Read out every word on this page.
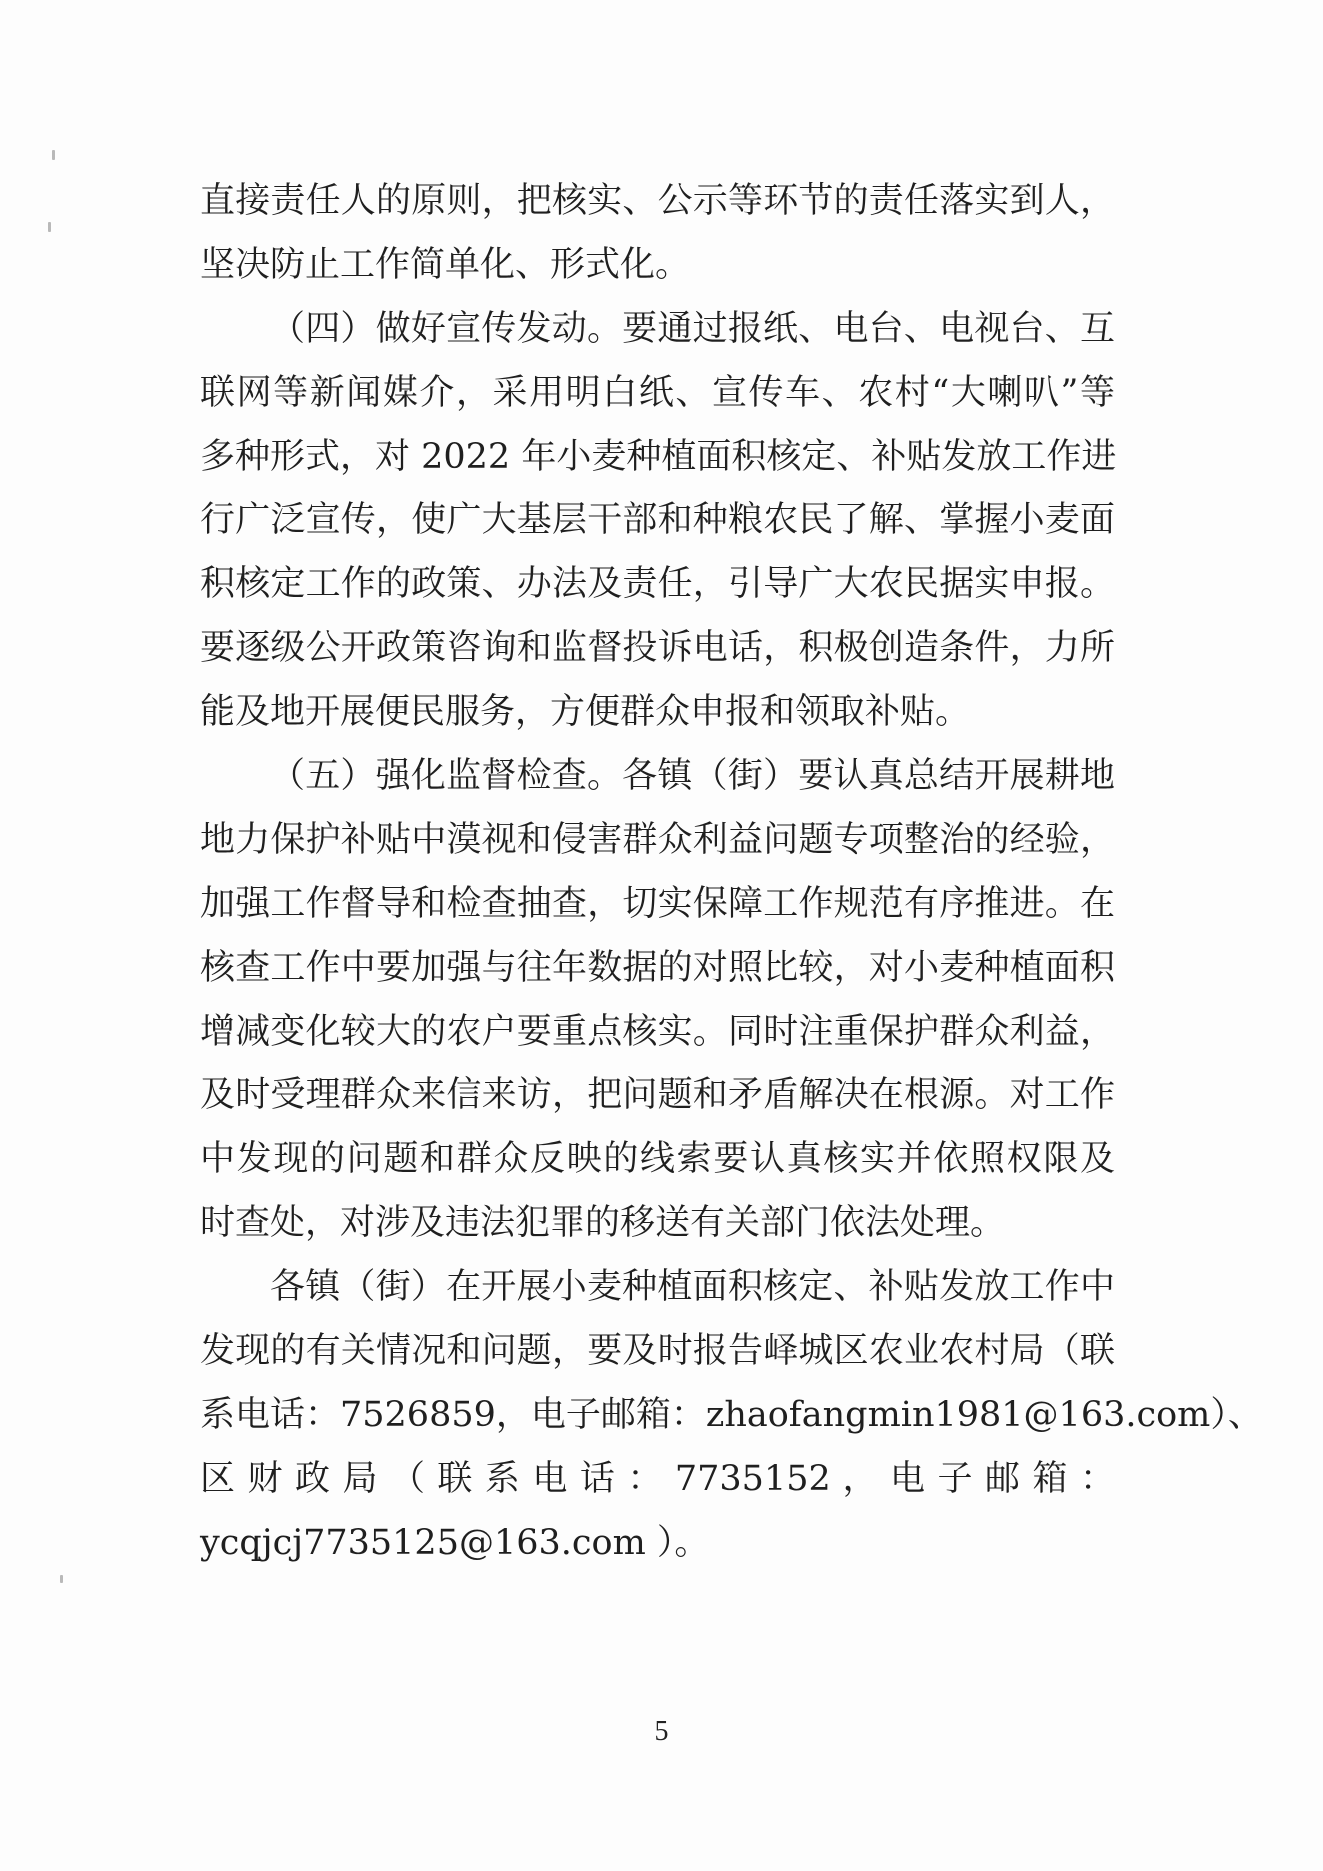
直接责任人的原则，把核实、公示等环节的责任落实到人，
坚决防止工作简单化、形式化。
（四）做好宣传发动。要通过报纸、电台、电视台、互
联网等新闻媒介，采用明白纸、宣传车、农村“大喇叭”等
多种形式，对 2022 年小麦种植面积核定、补贴发放工作进
行广泛宣传，使广大基层干部和种粮农民了解、掌握小麦面
积核定工作的政策、办法及责任，引导广大农民据实申报。
要逐级公开政策咨询和监督投诉电话，积极创造条件，力所
能及地开展便民服务，方便群众申报和领取补贴。
（五）强化监督检查。各镇（街）要认真总结开展耕地
地力保护补贴中漠视和侵害群众利益问题专项整治的经验，
加强工作督导和检查抽查，切实保障工作规范有序推进。在
核查工作中要加强与往年数据的对照比较，对小麦种植面积
增减变化较大的农户要重点核实。同时注重保护群众利益，
及时受理群众来信来访，把问题和矛盾解决在根源。对工作
中发现的问题和群众反映的线索要认真核实并依照权限及
时查处，对涉及违法犯罪的移送有关部门依法处理。
各镇（街）在开展小麦种植面积核定、补贴发放工作中
发现的有关情况和问题，要及时报告峄城区农业农村局（联
系电话：7526859，电子邮箱：zhaofangmin1981@163.com）、
区 财 政 局 （ 联 系 电 话 ： 7735152 ， 电 子 邮 箱 ：
ycqjcj7735125@163.com ）。
5
